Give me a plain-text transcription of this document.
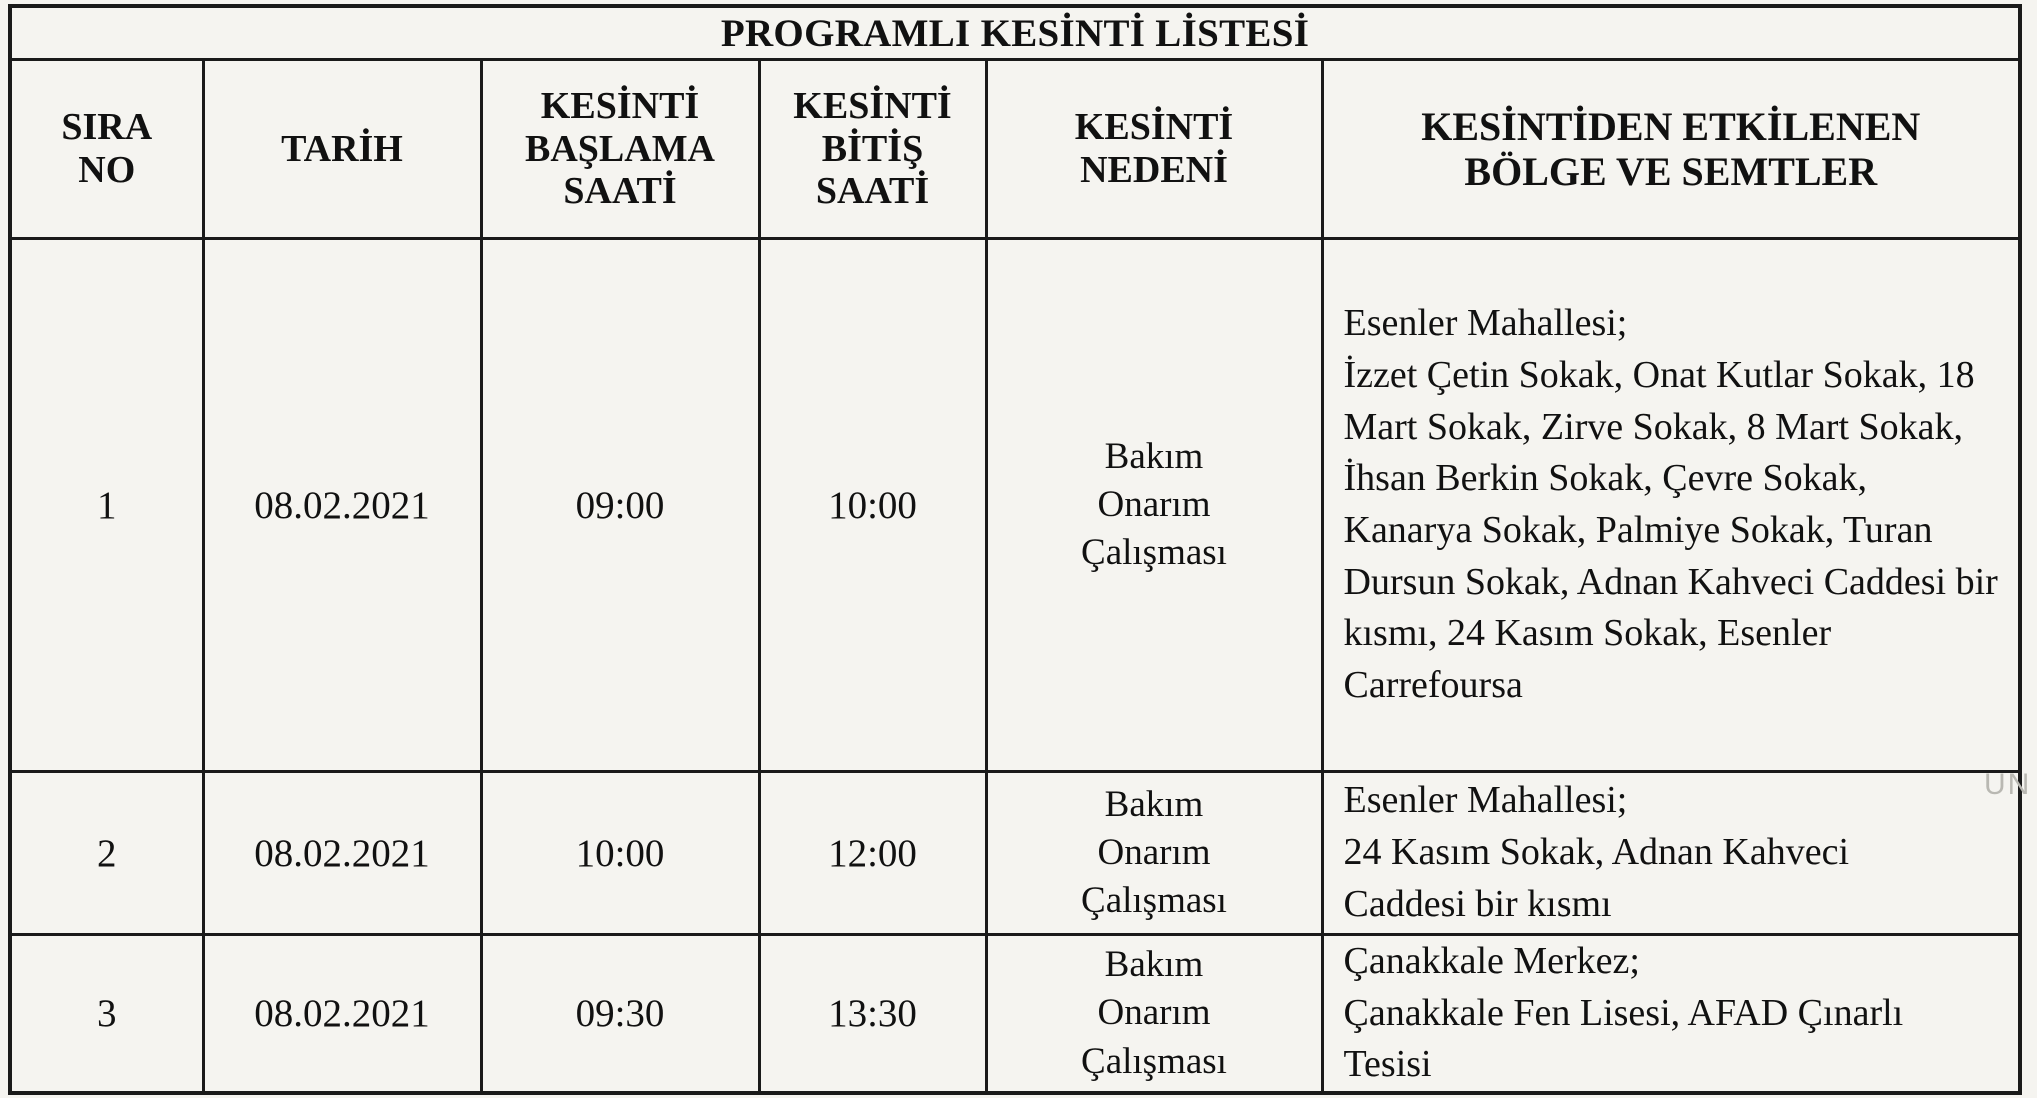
PROGRAMLI KESİNTİ LİSTESİ					

SIRA NO	TARİH	KESİNTİ BAŞLAMA SAATİ	KESİNTİ BİTİŞ SAATİ	KESİNTİ NEDENİ	KESİNTİDEN ETKİLENEN BÖLGE VE SEMTLER

1	08.02.2021	09:00	10:00	Bakım Onarım Çalışması	Esenler Mahallesi;
İzzet Çetin Sokak, Onat Kutlar Sokak, 18 Mart Sokak, Zirve Sokak, 8 Mart Sokak, İhsan Berkin Sokak, Çevre Sokak, Kanarya Sokak, Palmiye Sokak, Turan Dursun Sokak, Adnan Kahveci Caddesi bir kısmı, 24 Kasım Sokak, Esenler Carrefoursa

2	08.02.2021	10:00	12:00	Bakım Onarım Çalışması	Esenler Mahallesi;
24 Kasım Sokak, Adnan Kahveci Caddesi bir kısmı

3	08.02.2021	09:30	13:30	Bakım Onarım Çalışması	Çanakkale Merkez;
Çanakkale Fen Lisesi, AFAD Çınarlı Tesisi
UN
